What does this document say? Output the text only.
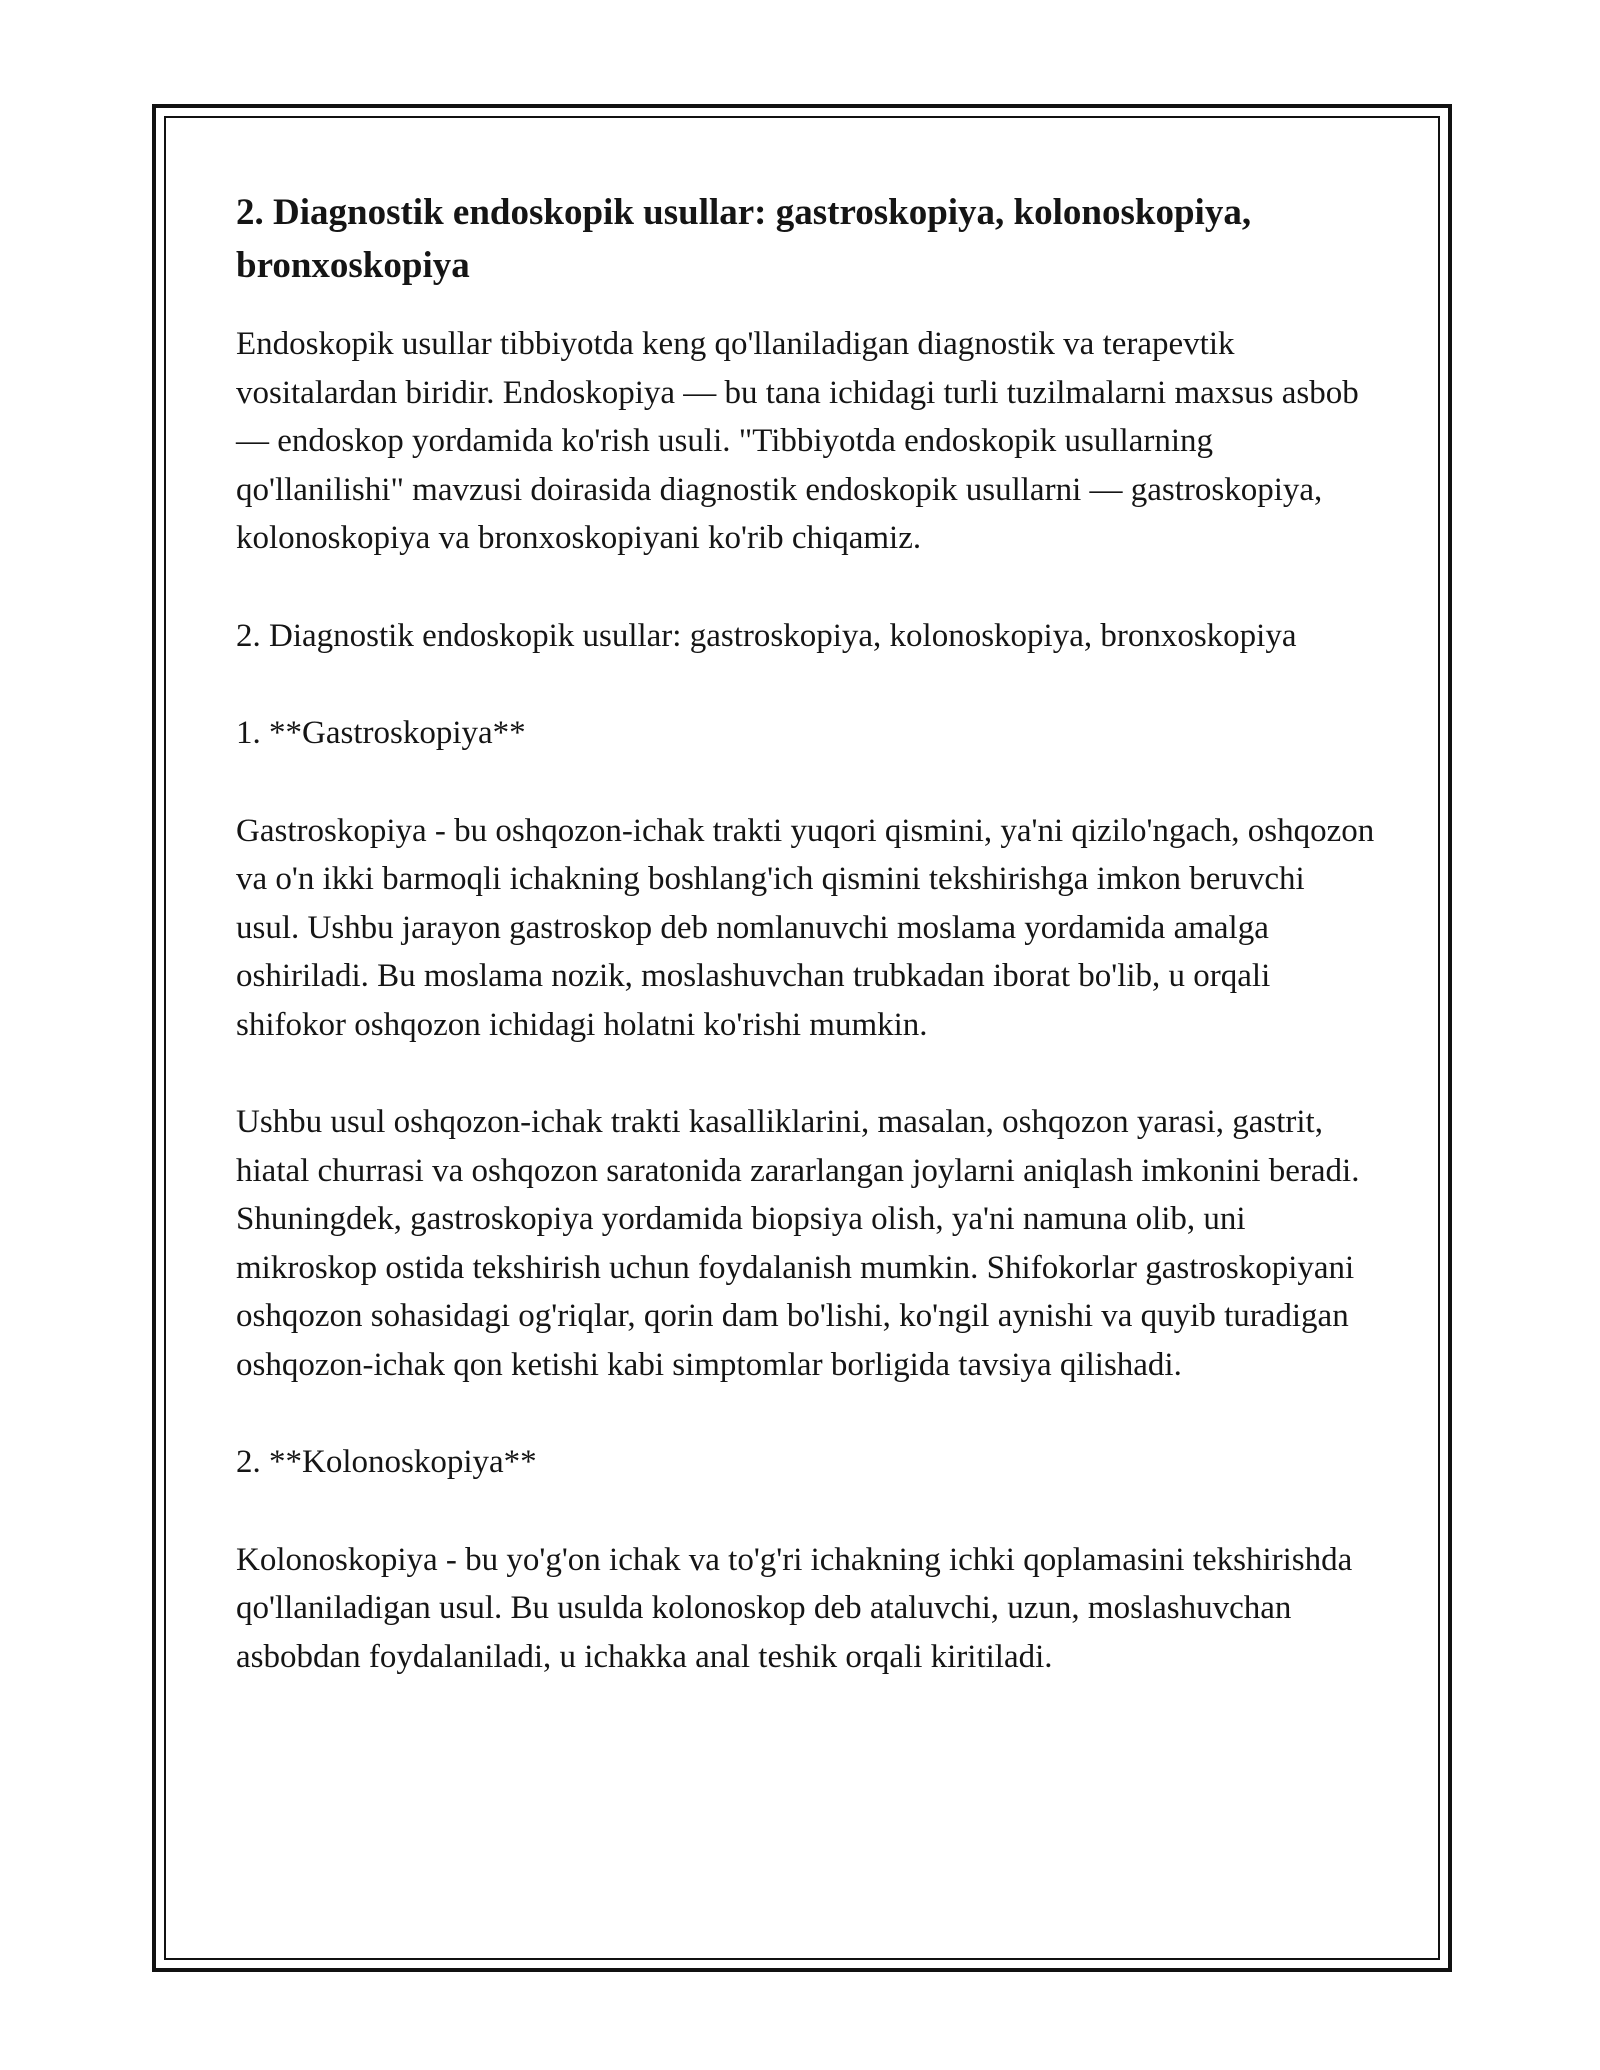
2. Diagnostik endoskopik usullar: gastroskopiya, kolonoskopiya, bronxoskopiya

Endoskopik usullar tibbiyotda keng qo'llaniladigan diagnostik va terapevtik vositalardan biridir. Endoskopiya — bu tana ichidagi turli tuzilmalarni maxsus asbob — endoskop yordamida ko'rish usuli. "Tibbiyotda endoskopik usullarning qo'llanilishi" mavzusi doirasida diagnostik endoskopik usullarni — gastroskopiya, kolonoskopiya va bronxoskopiyani ko'rib chiqamiz.

2. Diagnostik endoskopik usullar: gastroskopiya, kolonoskopiya, bronxoskopiya

1. **Gastroskopiya**

Gastroskopiya - bu oshqozon-ichak trakti yuqori qismini, ya'ni qizilo'ngach, oshqozon va o'n ikki barmoqli ichakning boshlang'ich qismini tekshirishga imkon beruvchi usul. Ushbu jarayon gastroskop deb nomlanuvchi moslama yordamida amalga oshiriladi. Bu moslama nozik, moslashuvchan trubkadan iborat bo'lib, u orqali shifokor oshqozon ichidagi holatni ko'rishi mumkin.

Ushbu usul oshqozon-ichak trakti kasalliklarini, masalan, oshqozon yarasi, gastrit, hiatal churrasi va oshqozon saratonida zararlangan joylarni aniqlash imkonini beradi. Shuningdek, gastroskopiya yordamida biopsiya olish, ya'ni namuna olib, uni mikroskop ostida tekshirish uchun foydalanish mumkin. Shifokorlar gastroskopiyani oshqozon sohasidagi og'riqlar, qorin dam bo'lishi, ko'ngil aynishi va quyib turadigan oshqozon-ichak qon ketishi kabi simptomlar borligida tavsiya qilishadi.

2. **Kolonoskopiya**

Kolonoskopiya - bu yo'g'on ichak va to'g'ri ichakning ichki qoplamasini tekshirishda qo'llaniladigan usul. Bu usulda kolonoskop deb ataluvchi, uzun, moslashuvchan asbobdan foydalaniladi, u ichakka anal teshik orqali kiritiladi.
